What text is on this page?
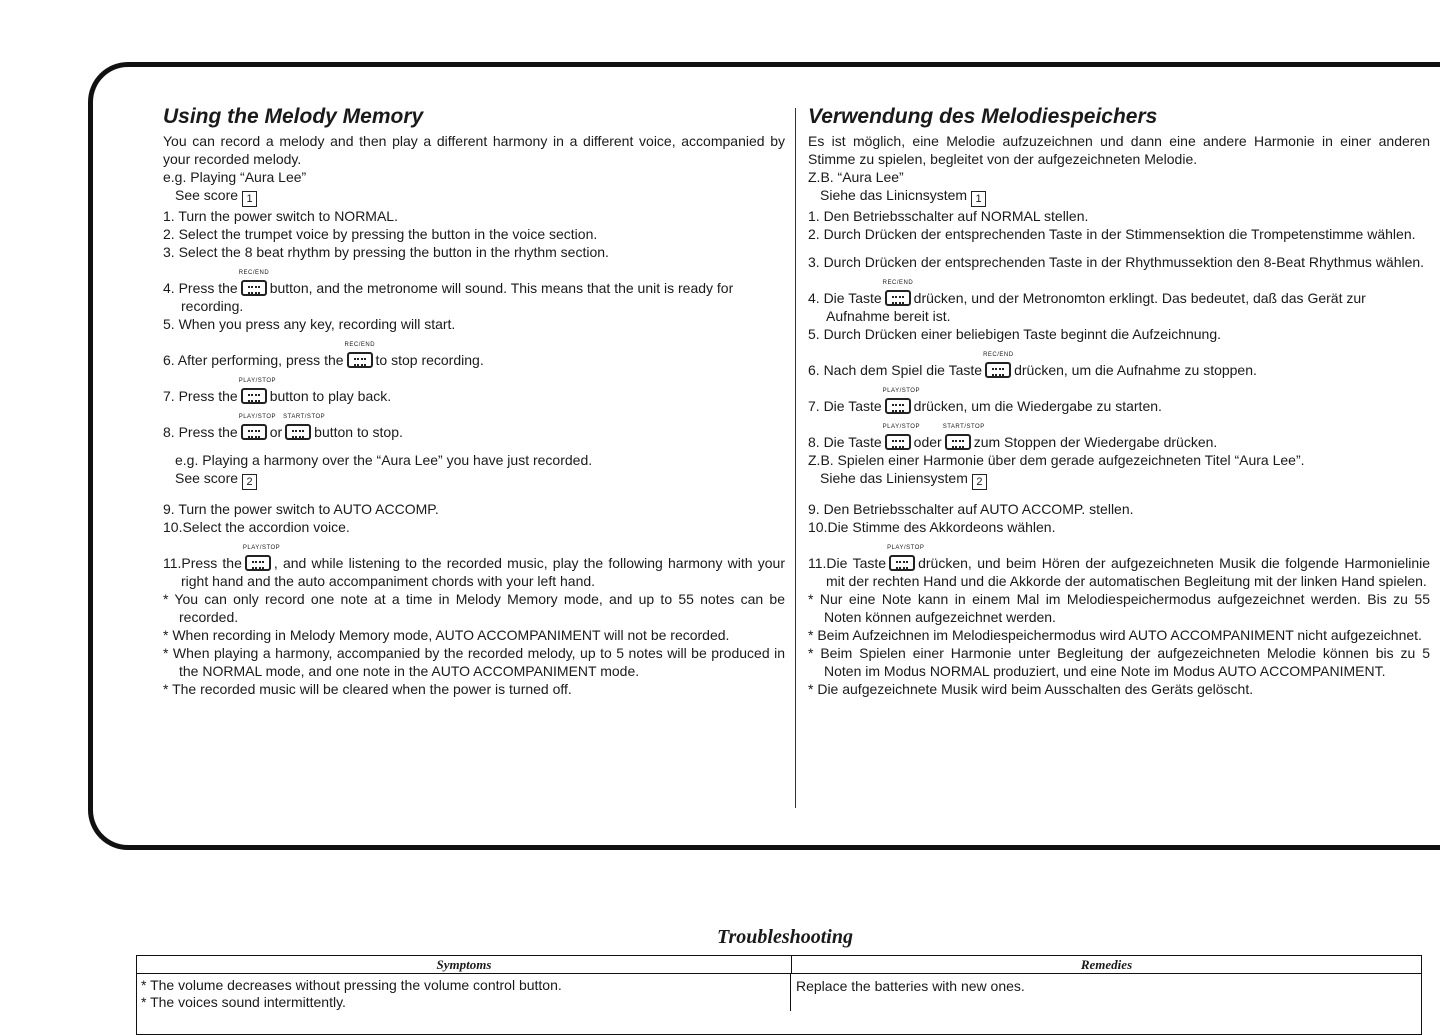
Using the Melody Memory

You can record a melody and then play a different harmony in a different voice, accompanied by your recorded melody.

e.g. Playing “Aura Lee”

See score 1

1. Turn the power switch to NORMAL.

2. Select the trumpet voice by pressing the button in the voice section.

3. Select the 8 beat rhythm by pressing the button in the rhythm section.

4. Press the
REC/END
button, and the metronome will sound. This means that the unit is ready for recording.

5. When you press any key, recording will start.

6. After performing, press the
REC/END
to stop recording.

7. Press the
PLAY/STOP
button to play back.

8. Press the
PLAY/STOP
or
START/STOP
button to stop.

e.g. Playing a harmony over the “Aura Lee” you have just recorded.

See score 2

9. Turn the power switch to AUTO ACCOMP.

10.Select the accordion voice.

11.Press the
PLAY/STOP
, and while listening to the recorded music, play the following harmony with your right hand and the auto accompaniment chords with your left hand.

* You can only record one note at a time in Melody Memory mode, and up to 55 notes can be recorded.

* When recording in Melody Memory mode, AUTO ACCOMPANIMENT will not be recorded.

* When playing a harmony, accompanied by the recorded melody, up to 5 notes will be produced in the NORMAL mode, and one note in the AUTO ACCOMPANIMENT mode.

* The recorded music will be cleared when the power is turned off.

Verwendung des Melodiespeichers

Es ist möglich, eine Melodie aufzuzeichnen und dann eine andere Harmonie in einer anderen Stimme zu spielen, begleitet von der aufgezeichneten Melodie.

Z.B. “Aura Lee”

Siehe das Linicnsystem 1

1. Den Betriebsschalter auf NORMAL stellen.

2. Durch Drücken der entsprechenden Taste in der Stimmensektion die Trompetenstimme wählen.

3. Durch Drücken der entsprechenden Taste in der Rhythmussektion den 8-Beat Rhythmus wählen.

4. Die Taste
REC/END
drücken, und der Metronomton erklingt. Das bedeutet, daß das Gerät zur Aufnahme bereit ist.

5. Durch Drücken einer beliebigen Taste beginnt die Aufzeichnung.

6. Nach dem Spiel die Taste
REC/END
drücken, um die Aufnahme zu stoppen.

7. Die Taste
PLAY/STOP
drücken, um die Wiedergabe zu starten.

8. Die Taste
PLAY/STOP
oder
START/STOP
zum Stoppen der Wiedergabe drücken.

Z.B. Spielen einer Harmonie über dem gerade aufgezeichneten Titel “Aura Lee”.

Siehe das Liniensystem 2

9. Den Betriebsschalter auf AUTO ACCOMP. stellen.

10.Die Stimme des Akkordeons wählen.

11.Die Taste
PLAY/STOP
drücken, und beim Hören der aufgezeichneten Musik die folgende Harmonielinie mit der rechten Hand und die Akkorde der automatischen Begleitung mit der linken Hand spielen.

* Nur eine Note kann in einem Mal im Melodiespeichermodus aufgezeichnet werden. Bis zu 55 Noten können aufgezeichnet werden.

* Beim Aufzeichnen im Melodiespeichermodus wird AUTO ACCOMPANIMENT nicht aufgezeichnet.

* Beim Spielen einer Harmonie unter Begleitung der aufgezeichneten Melodie können bis zu 5 Noten im Modus NORMAL produziert, und eine Note im Modus AUTO ACCOMPANIMENT.

* Die aufgezeichnete Musik wird beim Ausschalten des Geräts gelöscht.

Troubleshooting
Symptoms	Remedies
* The volume decreases without pressing the volume control button.
* The voices sound intermittently.
Replace the batteries with new ones.
